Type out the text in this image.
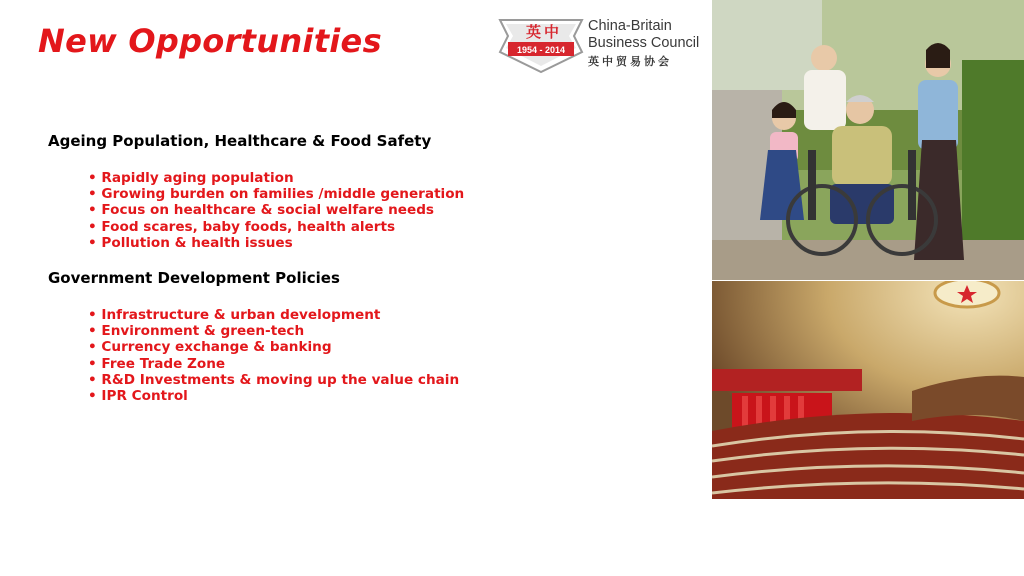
New Opportunities	英 中
1954 - 2014
China-Britain
Business Council
英中贸易协会

Ageing Population, Healthcare & Food Safety

• Rapidly aging population
• Growing burden on families /middle generation
• Focus on healthcare & social welfare needs
• Food scares, baby foods, health alerts
• Pollution & health issues

Government Development Policies

• Infrastructure & urban development
• Environment & green-tech
• Currency exchange & banking
• Free Trade Zone
• R&D Investments & moving up the value chain
• IPR Control
